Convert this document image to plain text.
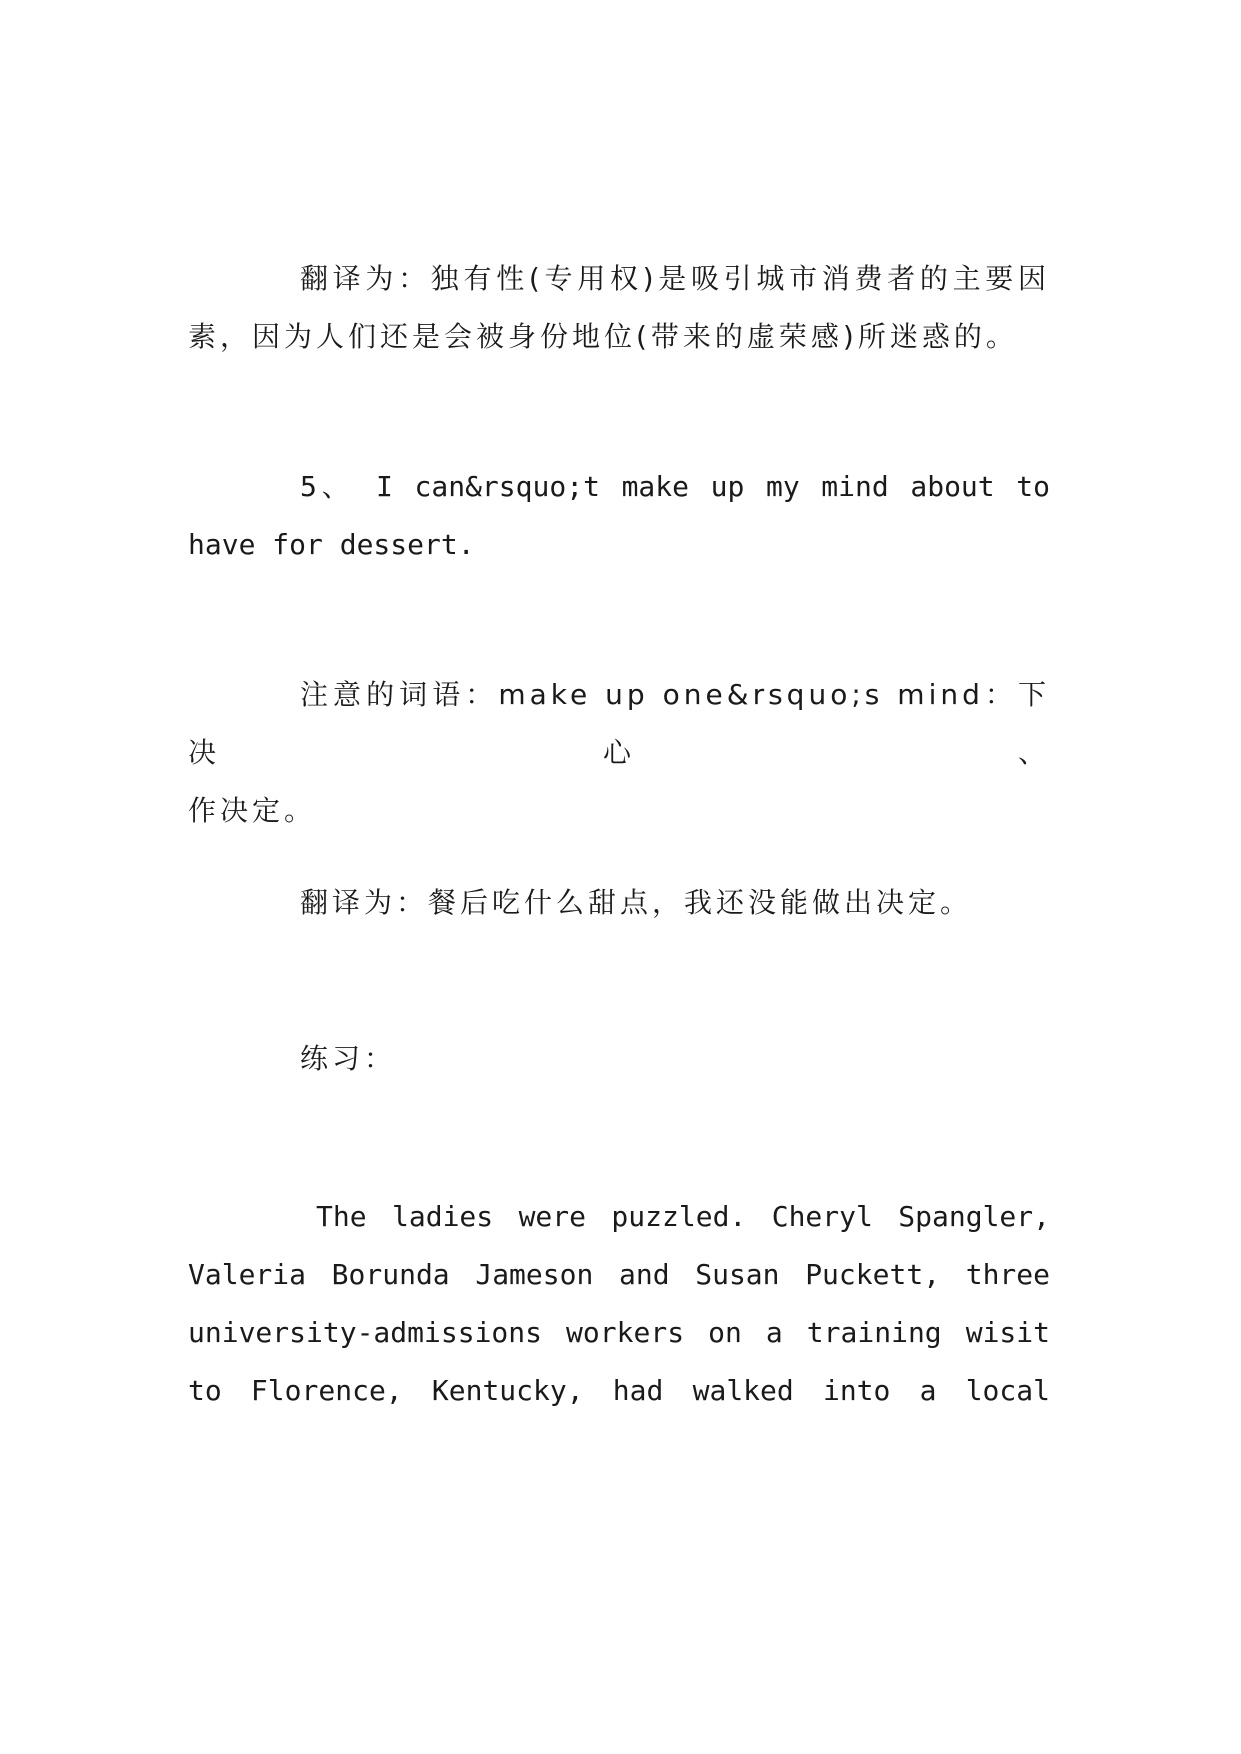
翻译为：独有性(专用权)是吸引城市消费者的主要因
素，因为人们还是会被身份地位(带来的虚荣感)所迷惑的。

5、 I can&rsquo;t make up my mind about to
have for dessert.

注意的词语：make up one&rsquo;s mind：下决心、
作决定。

翻译为：餐后吃什么甜点，我还没能做出决定。

练习：

The ladies were puzzled. Cheryl Spangler,
Valeria Borunda Jameson and Susan Puckett, three
university-admissions workers on a training wisit
to Florence, Kentucky, had walked into a local
